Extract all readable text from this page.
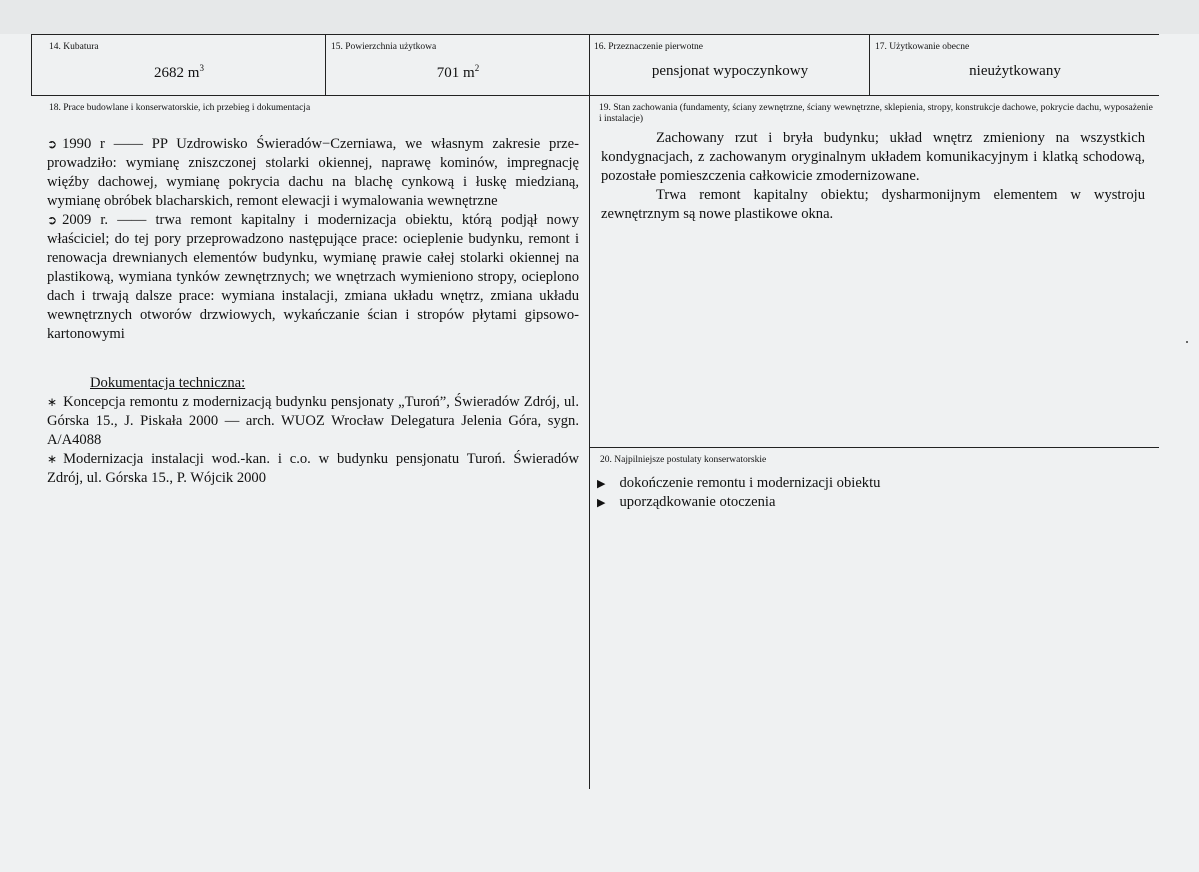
14. Kubatura
2682 $m^3$
15. Powierzchnia użytkowa
701 $m^2$
16. Przeznaczenie pierwotne
pensjonat wypoczynkowy
17. Użytkowanie obecne
nieużytkowany
18. Prace budowlane i konserwatorskie, ich przebieg i dokumentacja

➲ 1990 r —— PP Uzdrowisko Świeradów−Czerniawa, we własnym zakresie prze-

prowadziło: wymianę zniszczonej stolarki okiennej, naprawę kominów, impregnację więźby dachowej, wymianę pokrycia dachu na blachę cynkową i łuskę miedzianą, wymianę obróbek blacharskich, remont elewacji i wymalowania wewnętrzne

➲ 2009 r. —— trwa remont kapitalny i modernizacja obiektu, którą podjął nowy

właściciel; do tej pory przeprowadzono następujące prace: ocieplenie budynku, remont i renowacja drewnianych elementów budynku, wymianę prawie całej stolarki okiennej na plastikową, wymiana tynków zewnętrznych; we wnętrzach wymieniono stropy, ocieplono dach i trwają dalsze prace: wymiana instalacji, zmiana układu wnętrz, zmiana układu wewnętrznych otworów drzwiowych, wykańczanie ścian i stropów płytami gipsowo-kartonowymi

Dokumentacja techniczna:

∗ Koncepcja remontu z modernizacją budynku pensjonaty „Turoń”, Świeradów Zdrój, ul. Górska 15., J. Piskała 2000 — arch. WUOZ Wrocław Delegatura Jelenia Góra, sygn. A/A4088

∗ Modernizacja instalacji wod.-kan. i c.o. w budynku pensjonatu Turoń. Świeradów Zdrój, ul. Górska 15., P. Wójcik 2000

19. Stan zachowania (fundamenty, ściany zewnętrzne, ściany wewnętrzne, sklepienia, stropy, konstrukcje dachowe, pokrycie dachu, wyposażenie i instalacje)

Zachowany rzut i bryła budynku; układ wnętrz zmieniony na wszystkich kondygnacjach, z zachowanym oryginalnym układem komunikacyjnym i klatką schodową, pozostałe pomieszczenia całkowicie zmodernizowane.

Trwa remont kapitalny obiektu; dysharmonijnym elementem w wystroju zewnętrznym są nowe plastikowe okna.

20. Najpilniejsze postulaty konserwatorskie

▶ dokończenie remontu i modernizacji obiektu

▶ uporządkowanie otoczenia
